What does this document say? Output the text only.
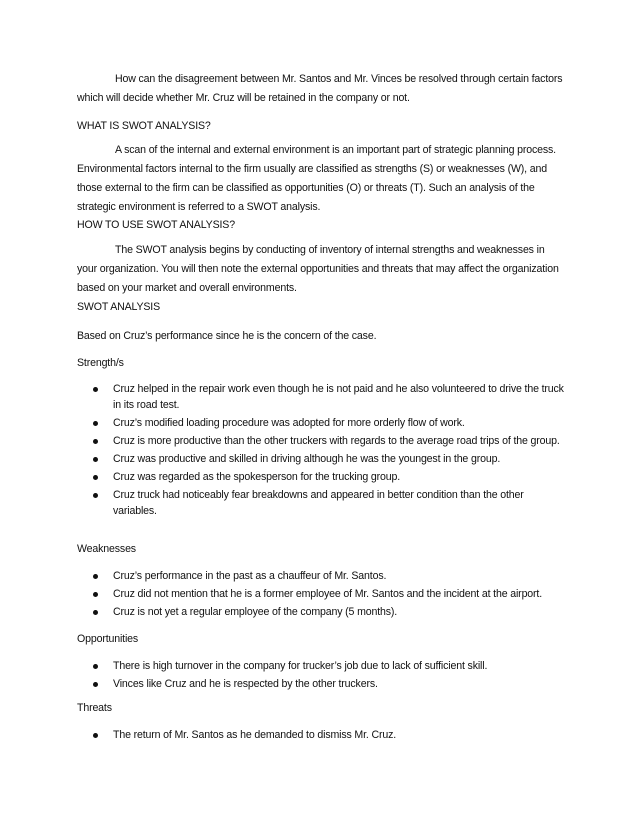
How can the disagreement between Mr. Santos and Mr. Vinces be resolved through certain factors which will decide whether Mr. Cruz will be retained in the company or not.
WHAT IS SWOT ANALYSIS?
A scan of the internal and external environment is an important part of strategic planning process. Environmental factors internal to the firm usually are classified as strengths (S) or weaknesses (W), and those external to the firm can be classified as opportunities (O) or threats (T). Such an analysis of the strategic environment is referred to a SWOT analysis.
HOW TO USE SWOT ANALYSIS?
The SWOT analysis begins by conducting of inventory of internal strengths and weaknesses in your organization. You will then note the external opportunities and threats that may affect the organization based on your market and overall environments.
SWOT ANALYSIS
Based on Cruz’s performance since he is the concern of the case.
Strength/s
Cruz helped in the repair work even though he is not paid and he also volunteered to drive the truck in its road test.
Cruz’s modified loading procedure was adopted for more orderly flow of work.
Cruz is more productive than the other truckers with regards to the average road trips of the group.
Cruz was productive and skilled in driving although he was the youngest in the group.
Cruz was regarded as the spokesperson for the trucking group.
Cruz truck had noticeably fear breakdowns and appeared in better condition than the other variables.
Weaknesses
Cruz’s performance in the past as a chauffeur of Mr. Santos.
Cruz did not mention that he is a former employee of Mr. Santos and the incident at the airport.
Cruz is not yet a regular employee of the company (5 months).
Opportunities
There is high turnover in the company for trucker’s job due to lack of sufficient skill.
Vinces like Cruz and he is respected by the other truckers.
Threats
The return of Mr. Santos as he demanded to dismiss Mr. Cruz.
